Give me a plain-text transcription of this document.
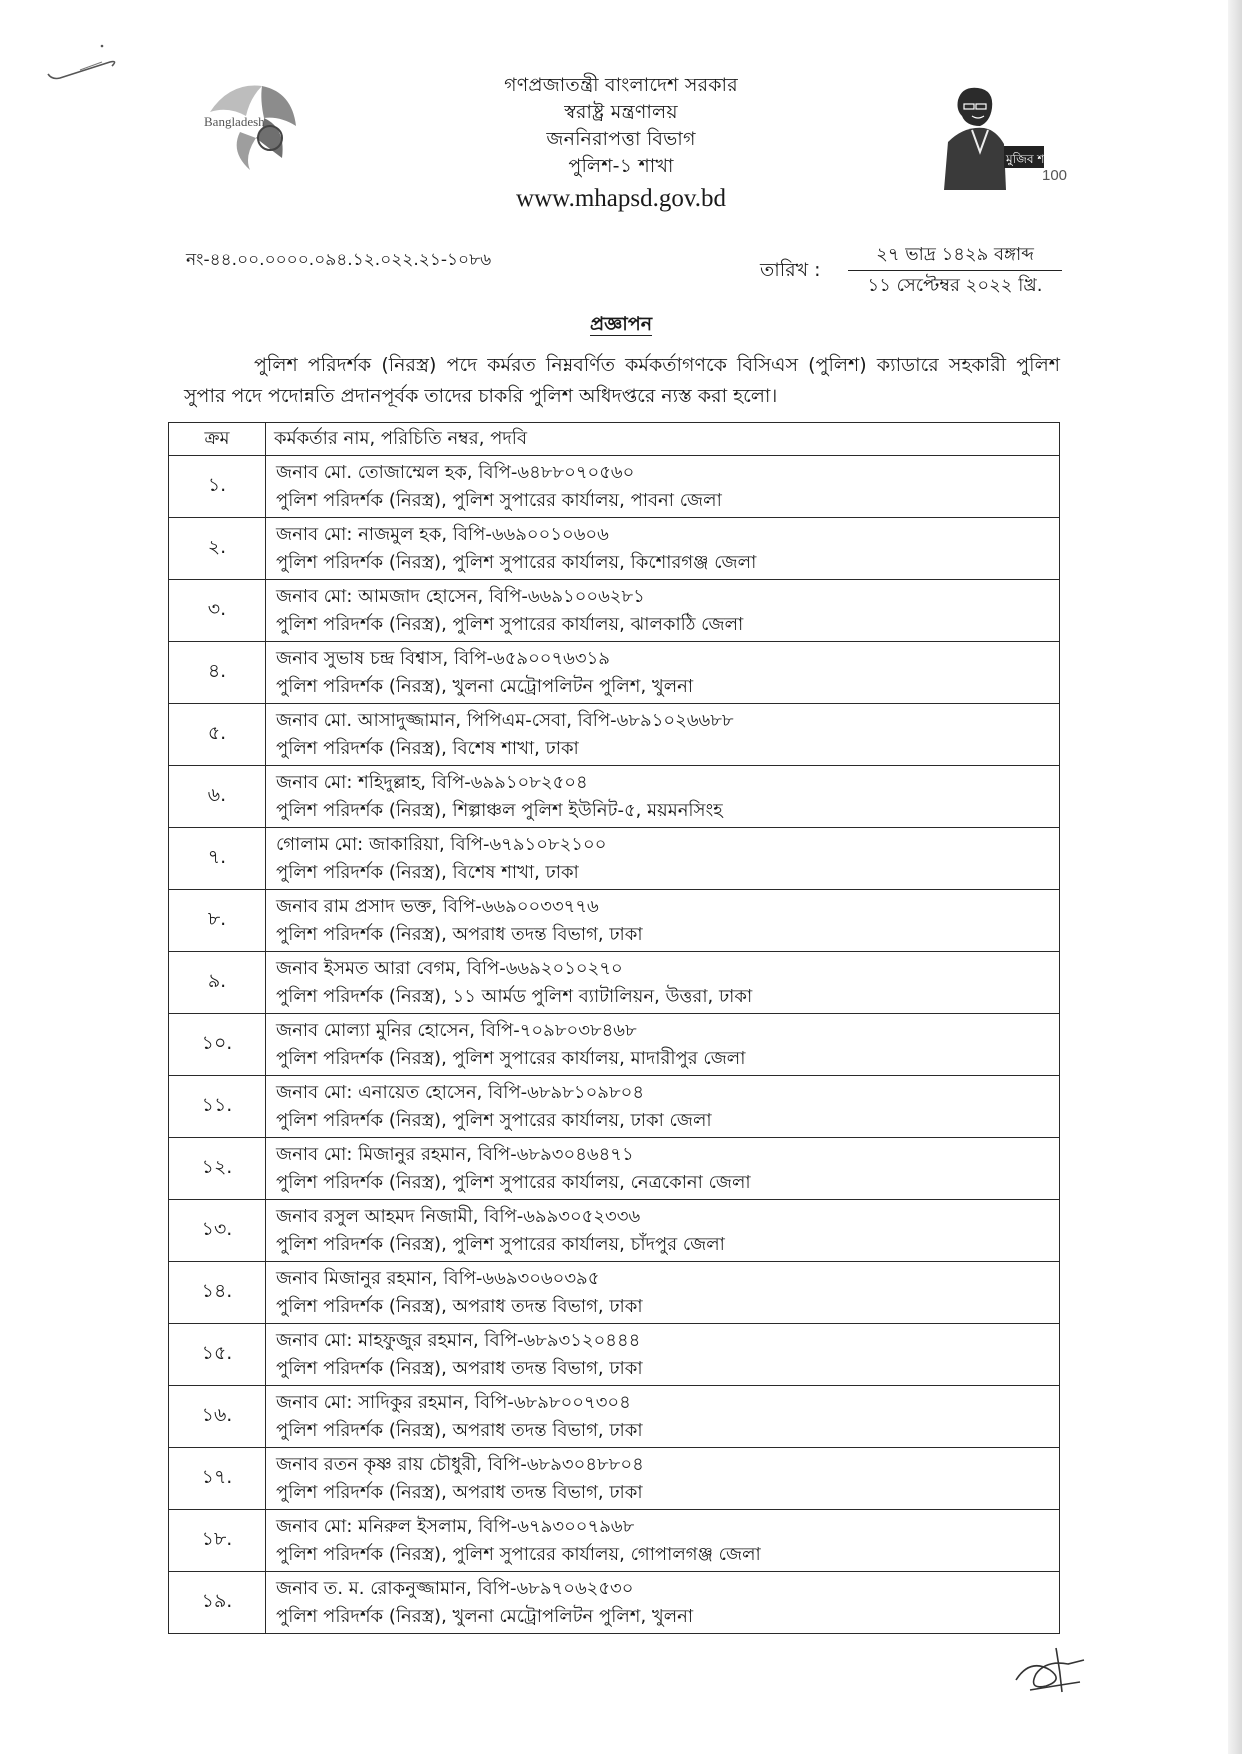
Bangladesh
মুজিব শতবর্ষ
100
গণপ্রজাতন্ত্রী বাংলাদেশ সরকার
স্বরাষ্ট্র মন্ত্রণালয়
জননিরাপত্তা বিভাগ
পুলিশ-১ শাখা
www.mhapsd.gov.bd
নং-৪৪.০০.০০০০.০৯৪.১২.০২২.২১-১০৮৬	তারিখ :
২৭ ভাদ্র ১৪২৯ বঙ্গাব্দ
১১ সেপ্টেম্বর ২০২২ খ্রি.
প্রজ্ঞাপন
পুলিশ পরিদর্শক (নিরস্ত্র) পদে কর্মরত নিম্নবর্ণিত কর্মকর্তাগণকে বিসিএস (পুলিশ) ক্যাডারে সহকারী পুলিশ সুপার পদে পদোন্নতি প্রদানপূর্বক তাদের চাকরি পুলিশ অধিদপ্তরে ন্যস্ত করা হলো।
ক্রম	কর্মকর্তার নাম, পরিচিতি নম্বর, পদবি
১.	জনাব মো. তোজাম্মেল হক, বিপি-৬৪৮৮০৭০৫৬০
পুলিশ পরিদর্শক (নিরস্ত্র), পুলিশ সুপারের কার্যালয়, পাবনা জেলা

২.	জনাব মো: নাজমুল হক, বিপি-৬৬৯০০১০৬০৬
পুলিশ পরিদর্শক (নিরস্ত্র), পুলিশ সুপারের কার্যালয়, কিশোরগঞ্জ জেলা

৩.	জনাব মো: আমজাদ হোসেন, বিপি-৬৬৯১০০৬২৮১
পুলিশ পরিদর্শক (নিরস্ত্র), পুলিশ সুপারের কার্যালয়, ঝালকাঠি জেলা

৪.	জনাব সুভাষ চন্দ্র বিশ্বাস, বিপি-৬৫৯০০৭৬৩১৯
পুলিশ পরিদর্শক (নিরস্ত্র), খুলনা মেট্রোপলিটন পুলিশ, খুলনা

৫.	জনাব মো. আসাদুজ্জামান, পিপিএম-সেবা, বিপি-৬৮৯১০২৬৬৮৮
পুলিশ পরিদর্শক (নিরস্ত্র), বিশেষ শাখা, ঢাকা

৬.	জনাব মো: শহিদুল্লাহ, বিপি-৬৯৯১০৮২৫০৪
পুলিশ পরিদর্শক (নিরস্ত্র), শিল্পাঞ্চল পুলিশ ইউনিট-৫, ময়মনসিংহ

৭.	গোলাম মো: জাকারিয়া, বিপি-৬৭৯১০৮২১০০
পুলিশ পরিদর্শক (নিরস্ত্র), বিশেষ শাখা, ঢাকা

৮.	জনাব রাম প্রসাদ ভক্ত, বিপি-৬৬৯০০৩৩৭৭৬
পুলিশ পরিদর্শক (নিরস্ত্র), অপরাধ তদন্ত বিভাগ, ঢাকা

৯.	জনাব ইসমত আরা বেগম, বিপি-৬৬৯২০১০২৭০
পুলিশ পরিদর্শক (নিরস্ত্র), ১১ আর্মড পুলিশ ব্যাটালিয়ন, উত্তরা, ঢাকা

১০.	জনাব মোল্যা মুনির হোসেন, বিপি-৭০৯৮০৩৮৪৬৮
পুলিশ পরিদর্শক (নিরস্ত্র), পুলিশ সুপারের কার্যালয়, মাদারীপুর জেলা

১১.	জনাব মো: এনায়েত হোসেন, বিপি-৬৮৯৮১০৯৮০৪
পুলিশ পরিদর্শক (নিরস্ত্র), পুলিশ সুপারের কার্যালয়, ঢাকা জেলা

১২.	জনাব মো: মিজানুর রহমান, বিপি-৬৮৯৩০৪৬৪৭১
পুলিশ পরিদর্শক (নিরস্ত্র), পুলিশ সুপারের কার্যালয়, নেত্রকোনা জেলা

১৩.	জনাব রসুল আহমদ নিজামী, বিপি-৬৯৯৩০৫২৩৩৬
পুলিশ পরিদর্শক (নিরস্ত্র), পুলিশ সুপারের কার্যালয়, চাঁদপুর জেলা

১৪.	জনাব মিজানুর রহমান, বিপি-৬৬৯৩০৬০৩৯৫
পুলিশ পরিদর্শক (নিরস্ত্র), অপরাধ তদন্ত বিভাগ, ঢাকা

১৫.	জনাব মো: মাহফুজুর রহমান, বিপি-৬৮৯৩১২০৪৪৪
পুলিশ পরিদর্শক (নিরস্ত্র), অপরাধ তদন্ত বিভাগ, ঢাকা

১৬.	জনাব মো: সাদিকুর রহমান, বিপি-৬৮৯৮০০৭৩০৪
পুলিশ পরিদর্শক (নিরস্ত্র), অপরাধ তদন্ত বিভাগ, ঢাকা

১৭.	জনাব রতন কৃষ্ণ রায় চৌধুরী, বিপি-৬৮৯৩০৪৮৮০৪
পুলিশ পরিদর্শক (নিরস্ত্র), অপরাধ তদন্ত বিভাগ, ঢাকা

১৮.	জনাব মো: মনিরুল ইসলাম, বিপি-৬৭৯৩০০৭৯৬৮
পুলিশ পরিদর্শক (নিরস্ত্র), পুলিশ সুপারের কার্যালয়, গোপালগঞ্জ জেলা

১৯.	জনাব ত. ম. রোকনুজ্জামান, বিপি-৬৮৯৭০৬২৫৩০
পুলিশ পরিদর্শক (নিরস্ত্র), খুলনা মেট্রোপলিটন পুলিশ, খুলনা
